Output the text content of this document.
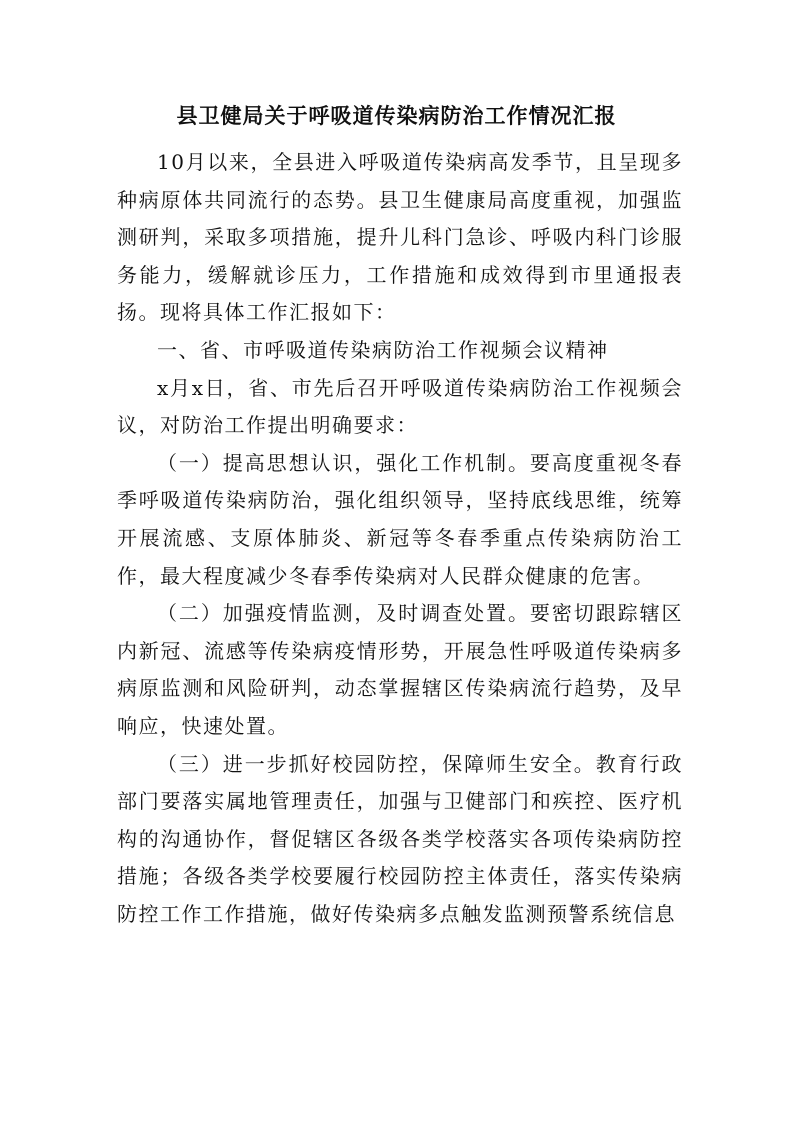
县卫健局关于呼吸道传染病防治工作情况汇报

10月以来，全县进入呼吸道传染病高发季节，且呈现多种病原体共同流行的态势。县卫生健康局高度重视，加强监测研判，采取多项措施，提升儿科门急诊、呼吸内科门诊服务能力，缓解就诊压力，工作措施和成效得到市里通报表扬。现将具体工作汇报如下：

一、省、市呼吸道传染病防治工作视频会议精神

x月x日，省、市先后召开呼吸道传染病防治工作视频会议，对防治工作提出明确要求：

（一）提高思想认识，强化工作机制。要高度重视冬春季呼吸道传染病防治，强化组织领导，坚持底线思维，统筹开展流感、支原体肺炎、新冠等冬春季重点传染病防治工作，最大程度减少冬春季传染病对人民群众健康的危害。

（二）加强疫情监测，及时调查处置。要密切跟踪辖区内新冠、流感等传染病疫情形势，开展急性呼吸道传染病多病原监测和风险研判，动态掌握辖区传染病流行趋势，及早响应，快速处置。

（三）进一步抓好校园防控，保障师生安全。教育行政部门要落实属地管理责任，加强与卫健部门和疾控、医疗机构的沟通协作，督促辖区各级各类学校落实各项传染病防控措施；各级各类学校要履行校园防控主体责任，落实传染病防控工作工作措施，做好传染病多点触发监测预警系统信息
